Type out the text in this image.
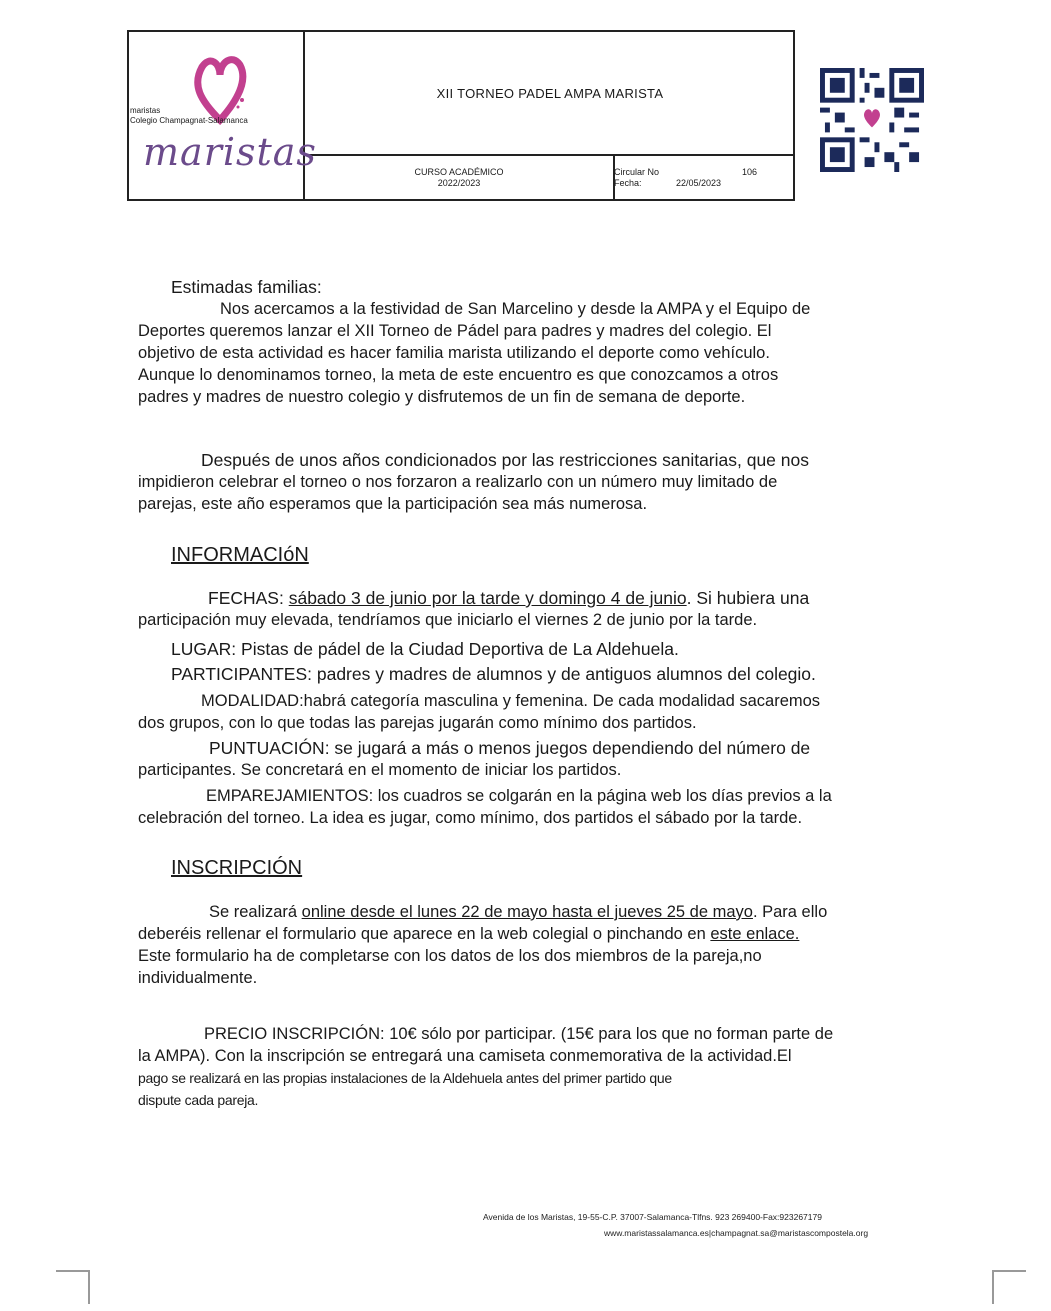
maristas
Colegio Champagnat-Salamanca
maristas
XII TORNEO PADEL AMPA MARISTA
CURSO ACADÉMICO
2022/2023
Circular No	106
Fecha:	22/05/2023
Estimadas familias:

Nos acercamos a la festividad de San Marcelino y desde la AMPA y el Equipo de

Deportes queremos lanzar el XII Torneo de Pádel para padres y madres del colegio. El

objetivo de esta actividad es hacer familia marista utilizando el deporte como vehículo.

Aunque lo denominamos torneo, la meta de este encuentro es que conozcamos a otros

padres y madres de nuestro colegio y disfrutemos de un fin de semana de deporte.

Después de unos años condicionados por las restricciones sanitarias, que nos

impidieron celebrar el torneo o nos forzaron a realizarlo con un número muy limitado de

parejas, este año esperamos que la participación sea más numerosa.

INFORMACIóN

FECHAS: sábado 3 de junio por la tarde y domingo 4 de junio. Si hubiera una

participación muy elevada, tendríamos que iniciarlo el viernes 2 de junio por la tarde.

LUGAR: Pistas de pádel de la Ciudad Deportiva de La Aldehuela.
PARTICIPANTES: padres y madres de alumnos y de antiguos alumnos del colegio.

MODALIDAD:habrá categoría masculina y femenina. De cada modalidad sacaremos

dos grupos, con lo que todas las parejas jugarán como mínimo dos partidos.

PUNTUACIÓN: se jugará a más o menos juegos dependiendo del número de

participantes. Se concretará en el momento de iniciar los partidos.

EMPAREJAMIENTOS: los cuadros se colgarán en la página web los días previos a la

celebración del torneo. La idea es jugar, como mínimo, dos partidos el sábado por la tarde.

INSCRIPCIÓN

Se realizará online desde el lunes 22 de mayo hasta el jueves 25 de mayo. Para ello

deberéis rellenar el formulario que aparece en la web colegial o pinchando en este enlace.

Este formulario ha de completarse con los datos de los dos miembros de la pareja,no

individualmente.

PRECIO INSCRIPCIÓN: 10€ sólo por participar. (15€ para los que no forman parte de

la AMPA). Con la inscripción se entregará una camiseta conmemorativa de la actividad.El

pago se realizará en las propias instalaciones de la Aldehuela antes del primer partido que

dispute cada pareja.

Avenida de los Maristas, 19-55-C.P. 37007-Salamanca-Tlfns. 923 269400-Fax:923267179
www.maristassalamanca.es|champagnat.sa@maristascompostela.org
